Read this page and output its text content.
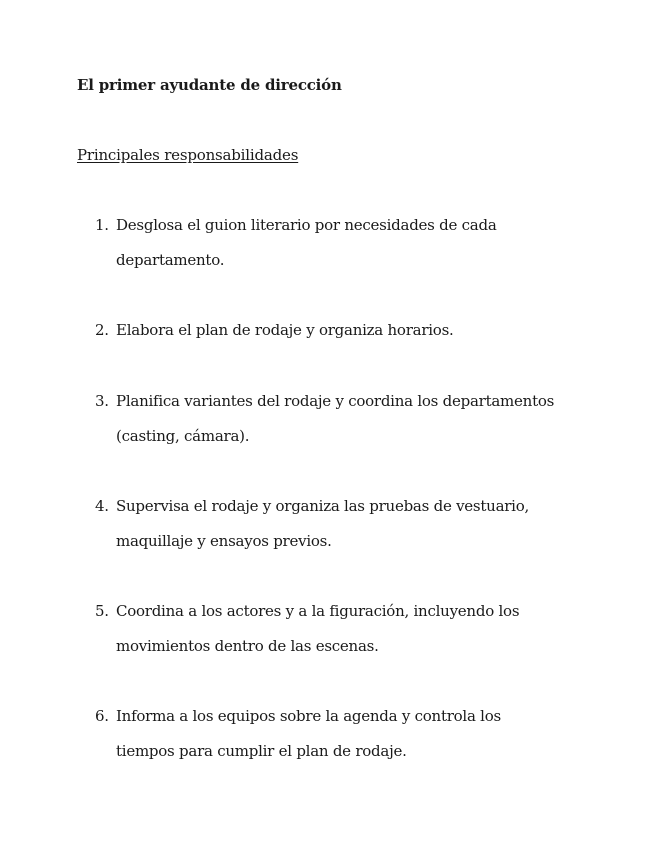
El primer ayudante de dirección
Principales responsabilidades
1. Desglosa el guion literario por necesidades de cada
departamento.
2. Elabora el plan de rodaje y organiza horarios.
3. Planifica variantes del rodaje y coordina los departamentos
(casting, cámara).
4. Supervisa el rodaje y organiza las pruebas de vestuario,
maquillaje y ensayos previos.
5. Coordina a los actores y a la figuración, incluyendo los
movimientos dentro de las escenas.
6. Informa a los equipos sobre la agenda y controla los
tiempos para cumplir el plan de rodaje.
